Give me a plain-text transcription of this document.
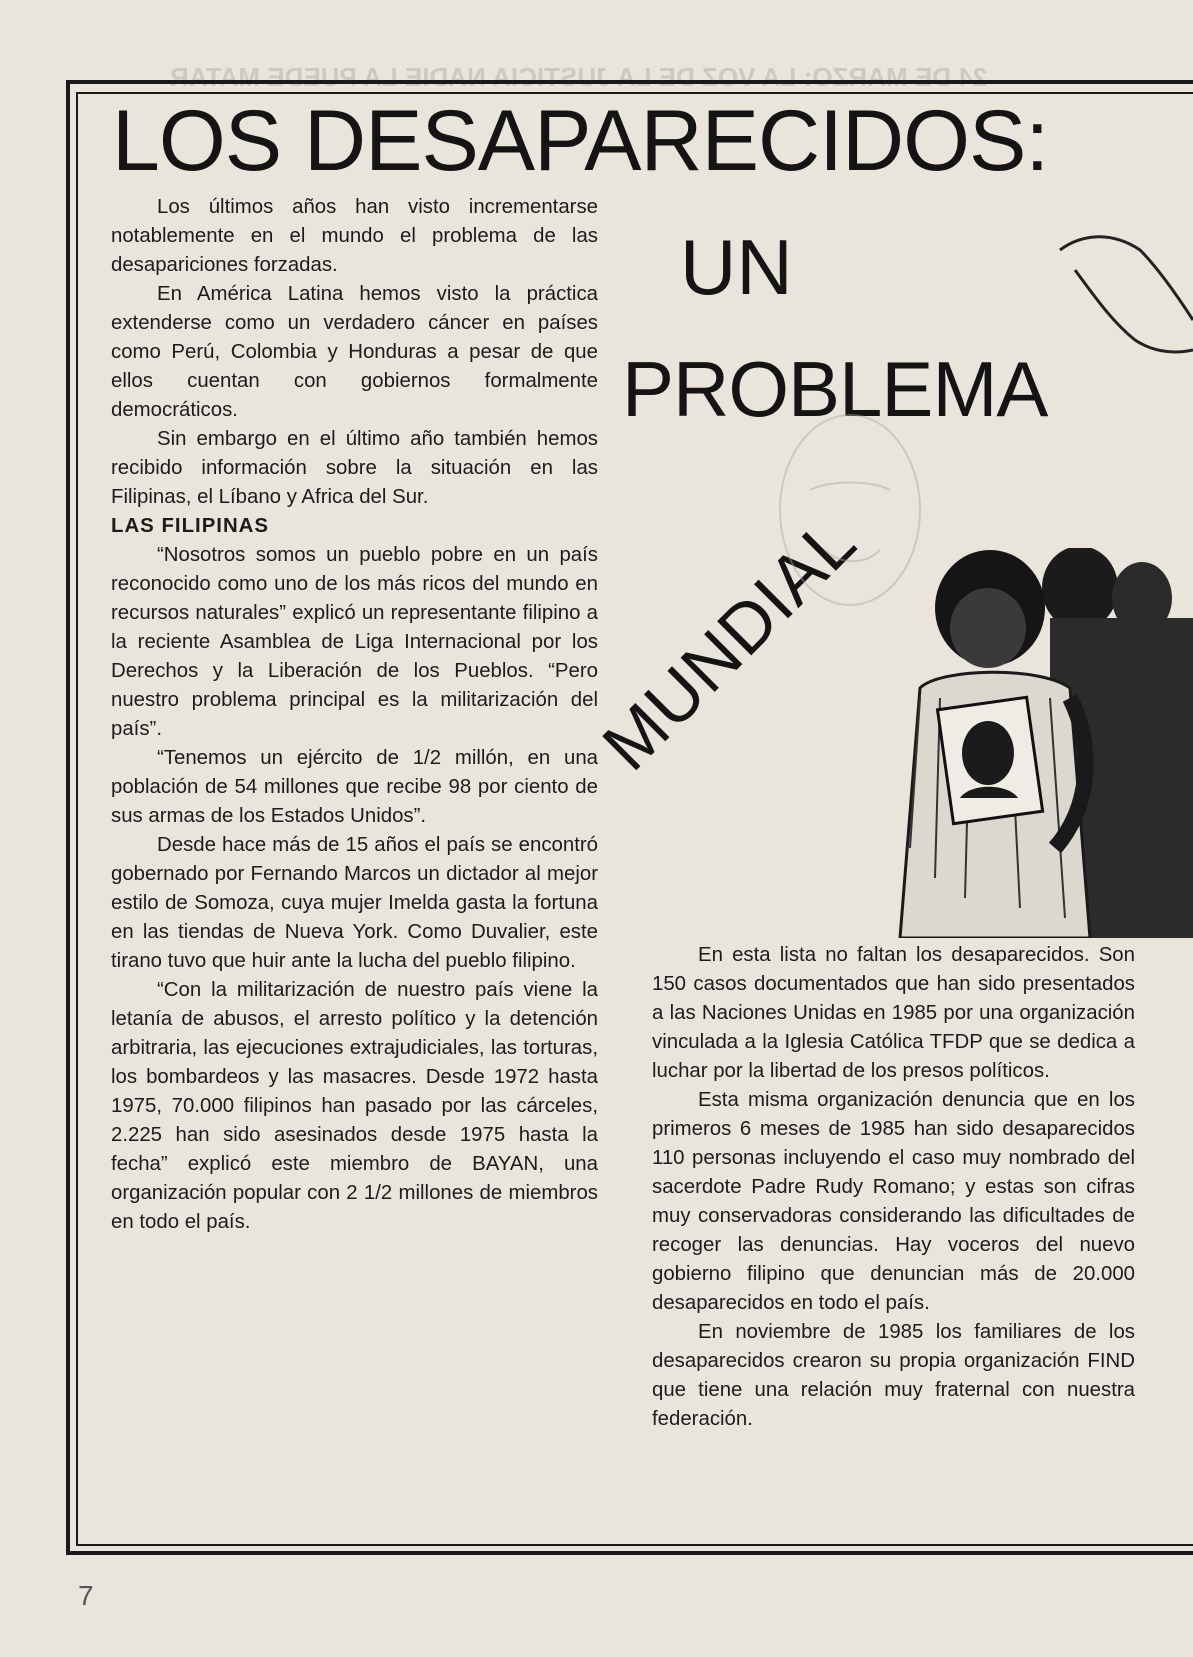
24 DE MARZO: LA VOZ DE LA JUSTICIA NADIE LA PUEDE MATAR
LOS DESAPARECIDOS:
UN
PROBLEMA
MUNDIAL

Los últimos años han visto incrementarse notablemente en el mundo el problema de las desapariciones forzadas.

En América Latina hemos visto la práctica extenderse como un verdadero cáncer en países como Perú, Colombia y Honduras a pesar de que ellos cuentan con gobiernos formalmente democráticos.

Sin embargo en el último año también hemos recibido información sobre la situación en las Filipinas, el Líbano y Africa del Sur.

LAS FILIPINAS

“Nosotros somos un pueblo pobre en un país reconocido como uno de los más ricos del mundo en recursos naturales” explicó un representante filipino a la reciente Asamblea de Liga Internacional por los Derechos y la Liberación de los Pueblos. “Pero nuestro problema principal es la militarización del país”.

“Tenemos un ejército de 1/2 millón, en una población de 54 millones que recibe 98 por ciento de sus armas de los Estados Unidos”.

Desde hace más de 15 años el país se encontró gobernado por Fernando Marcos un dictador al mejor estilo de Somoza, cuya mujer Imelda gasta la fortuna en las tiendas de Nueva York. Como Duvalier, este tirano tuvo que huir ante la lucha del pueblo filipino.

“Con la militarización de nuestro país viene la letanía de abusos, el arresto político y la detención arbitraria, las ejecuciones extrajudiciales, las torturas, los bombardeos y las masacres. Desde 1972 hasta 1975, 70.000 filipinos han pasado por las cárceles, 2.225 han sido asesinados desde 1975 hasta la fecha” explicó este miembro de BAYAN, una organización popular con 2 1/2 millones de miembros en todo el país.

En esta lista no faltan los desaparecidos. Son 150 casos documentados que han sido presentados a las Naciones Unidas en 1985 por una organización vinculada a la Iglesia Católica TFDP que se dedica a luchar por la libertad de los presos políticos.

Esta misma organización denuncia que en los primeros 6 meses de 1985 han sido desaparecidos 110 personas incluyendo el caso muy nombrado del sacerdote Padre Rudy Romano; y estas son cifras muy conservadoras considerando las dificultades de recoger las denuncias. Hay voceros del nuevo gobierno filipino que denuncian más de 20.000 desaparecidos en todo el país.

En noviembre de 1985 los familiares de los desaparecidos crearon su propia organización FIND que tiene una relación muy fraternal con nuestra federación.

7
